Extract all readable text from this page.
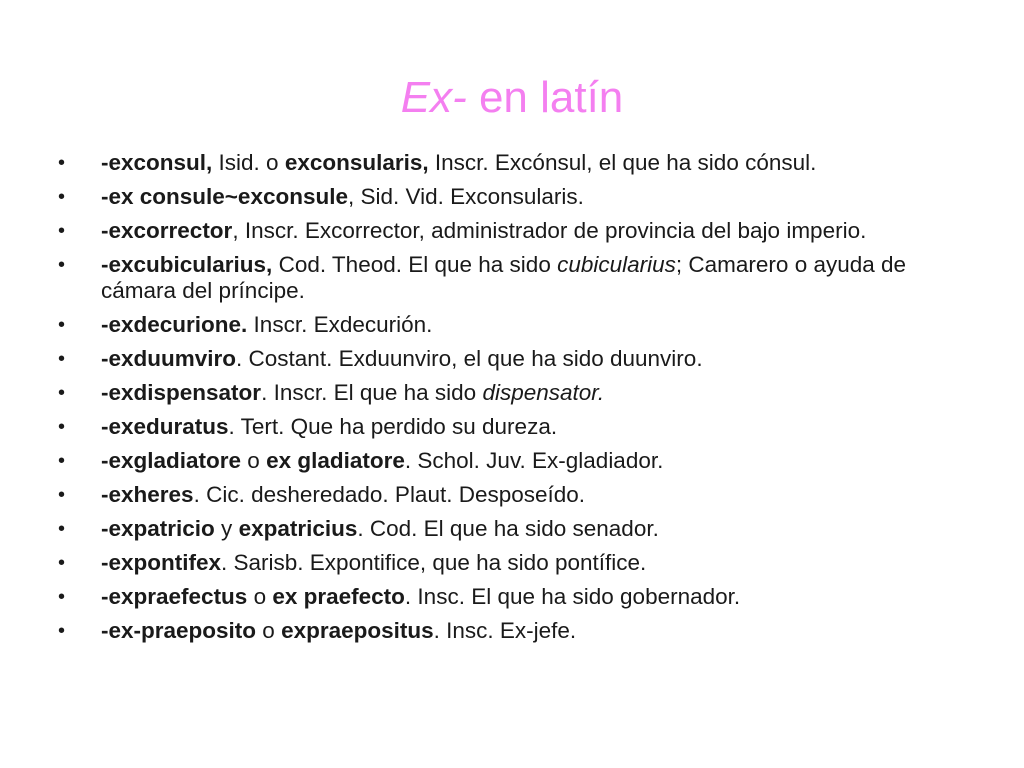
Ex- en latín
• -exconsul, Isid. o exconsularis, Inscr. Excónsul, el que ha sido cónsul.
• -ex consule~exconsule, Sid. Vid. Exconsularis.
• -excorrector, Inscr. Excorrector, administrador de provincia del bajo imperio.
• -excubicularius, Cod. Theod. El que ha sido cubicularius; Camarero o ayuda de cámara del príncipe.
• -exdecurione. Inscr. Exdecurión.
• -exduumviro. Costant. Exduunviro, el que ha sido duunviro.
• -exdispensator. Inscr. El que ha sido dispensator.
• -exeduratus. Tert. Que ha perdido su dureza.
• -exgladiatore o ex gladiatore. Schol. Juv. Ex-gladiador.
• -exheres. Cic. desheredado. Plaut. Desposeído.
• -expatricio y expatricius. Cod. El que ha sido senador.
• -expontifex. Sarisb. Expontifice, que ha sido pontífice.
• -expraefectus o ex praefecto. Insc. El que ha sido gobernador.
• -ex-praeposito o expraepositus. Insc. Ex-jefe.
